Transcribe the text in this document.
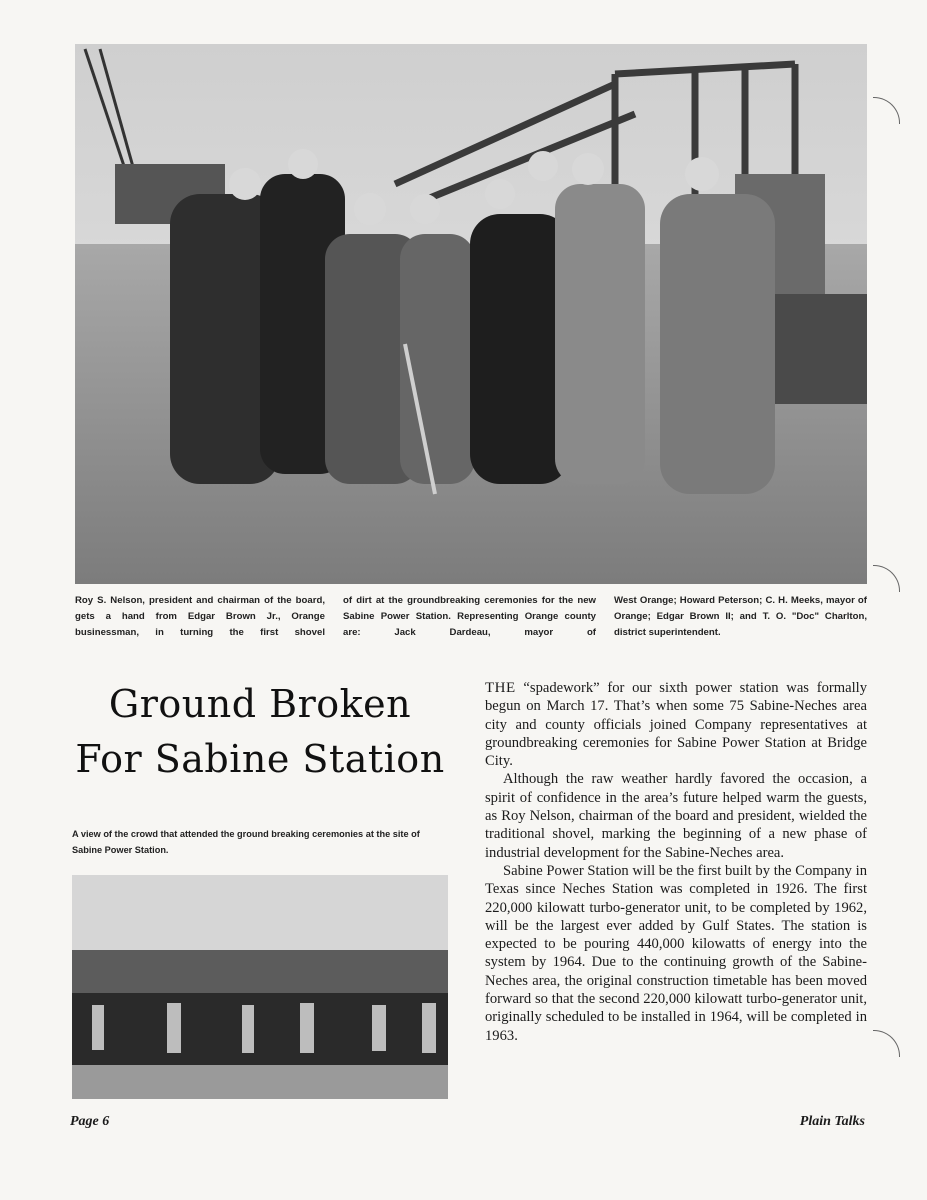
Roy S. Nelson, president and chairman of the board, gets a hand from Edgar Brown Jr., Orange businessman, in turning the first shovel
of dirt at the groundbreaking ceremonies for the new Sabine Power Station. Representing Orange county are: Jack Dardeau, mayor of
West Orange; Howard Peterson; C. H. Meeks, mayor of Orange; Edgar Brown II; and T. O. "Doc" Charlton, district superintendent.
Ground Broken
For Sabine Station
A view of the crowd that attended the ground breaking ceremonies at the site of Sabine Power Station.

THE “spadework” for our sixth power station was formally begun on March 17. That’s when some 75 Sabine-Neches area city and county officials joined Company representatives at groundbreaking ceremonies for Sabine Power Station at Bridge City.

Although the raw weather hardly favored the occasion, a spirit of confidence in the area’s future helped warm the guests, as Roy Nelson, chairman of the board and president, wielded the traditional shovel, marking the beginning of a new phase of industrial development for the Sabine-Neches area.

Sabine Power Station will be the first built by the Company in Texas since Neches Station was completed in 1926. The first 220,000 kilowatt turbo-generator unit, to be completed by 1962, will be the largest ever added by Gulf States. The station is expected to be pouring 440,000 kilowatts of energy into the system by 1964. Due to the continuing growth of the Sabine-Neches area, the original construction timetable has been moved forward so that the second 220,000 kilowatt turbo-generator unit, originally scheduled to be installed in 1964, will be completed in 1963.

Page 6	Plain Talks
